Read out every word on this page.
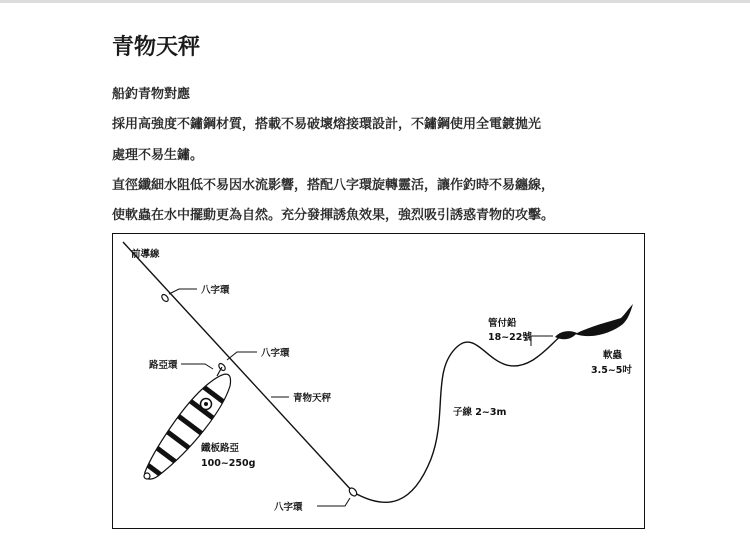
青物天秤
船釣青物對應
採用高強度不鏽鋼材質，搭載不易破壞熔接環設計，不鏽鋼使用全電鍍拋光
處理不易生鏽。
直徑纖細水阻低不易因水流影響，搭配八字環旋轉靈活，讓作釣時不易纏線，
使軟蟲在水中擺動更為自然。充分發揮誘魚效果，強烈吸引誘惑青物的攻擊。
前導線
八字環
路亞環
八字環
青物天秤
鐵板路亞
100~250g
八字環
子線 2~3m
管付鉛
18~22號
軟蟲
3.5~5吋
